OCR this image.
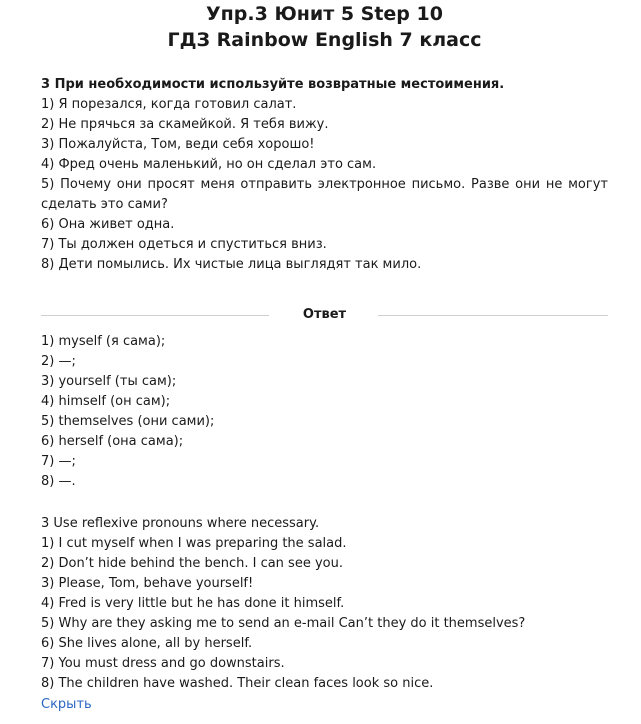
Упр.3 Юнит 5 Step 10
ГДЗ Rainbow English 7 класс
3 При необходимости используйте возвратные местоимения.
1) Я порезался, когда готовил салат.
2) Не прячься за скамейкой. Я тебя вижу.
3) Пожалуйста, Том, веди себя хорошо!
4) Фред очень маленький, но он сделал это сам.
5) Почему они просят меня отправить электронное письмо. Разве они не могут
сделать это сами?
6) Она живет одна.
7) Ты должен одеться и спуститься вниз.
8) Дети помылись. Их чистые лица выглядят так мило.
Ответ
1) myself (я сама);
2) —;
3) yourself (ты сам);
4) himself (он сам);
5) themselves (они сами);
6) herself (она сама);
7) —;
8) —.
3 Use reflexive pronouns where necessary.
1) I cut myself when I was preparing the salad.
2) Don’t hide behind the bench. I can see you.
3) Please, Tom, behave yourself!
4) Fred is very little but he has done it himself.
5) Why are they asking me to send an e-mail Can’t they do it themselves?
6) She lives alone, all by herself.
7) You must dress and go downstairs.
8) The children have washed. Their clean faces look so nice.
Скрыть
